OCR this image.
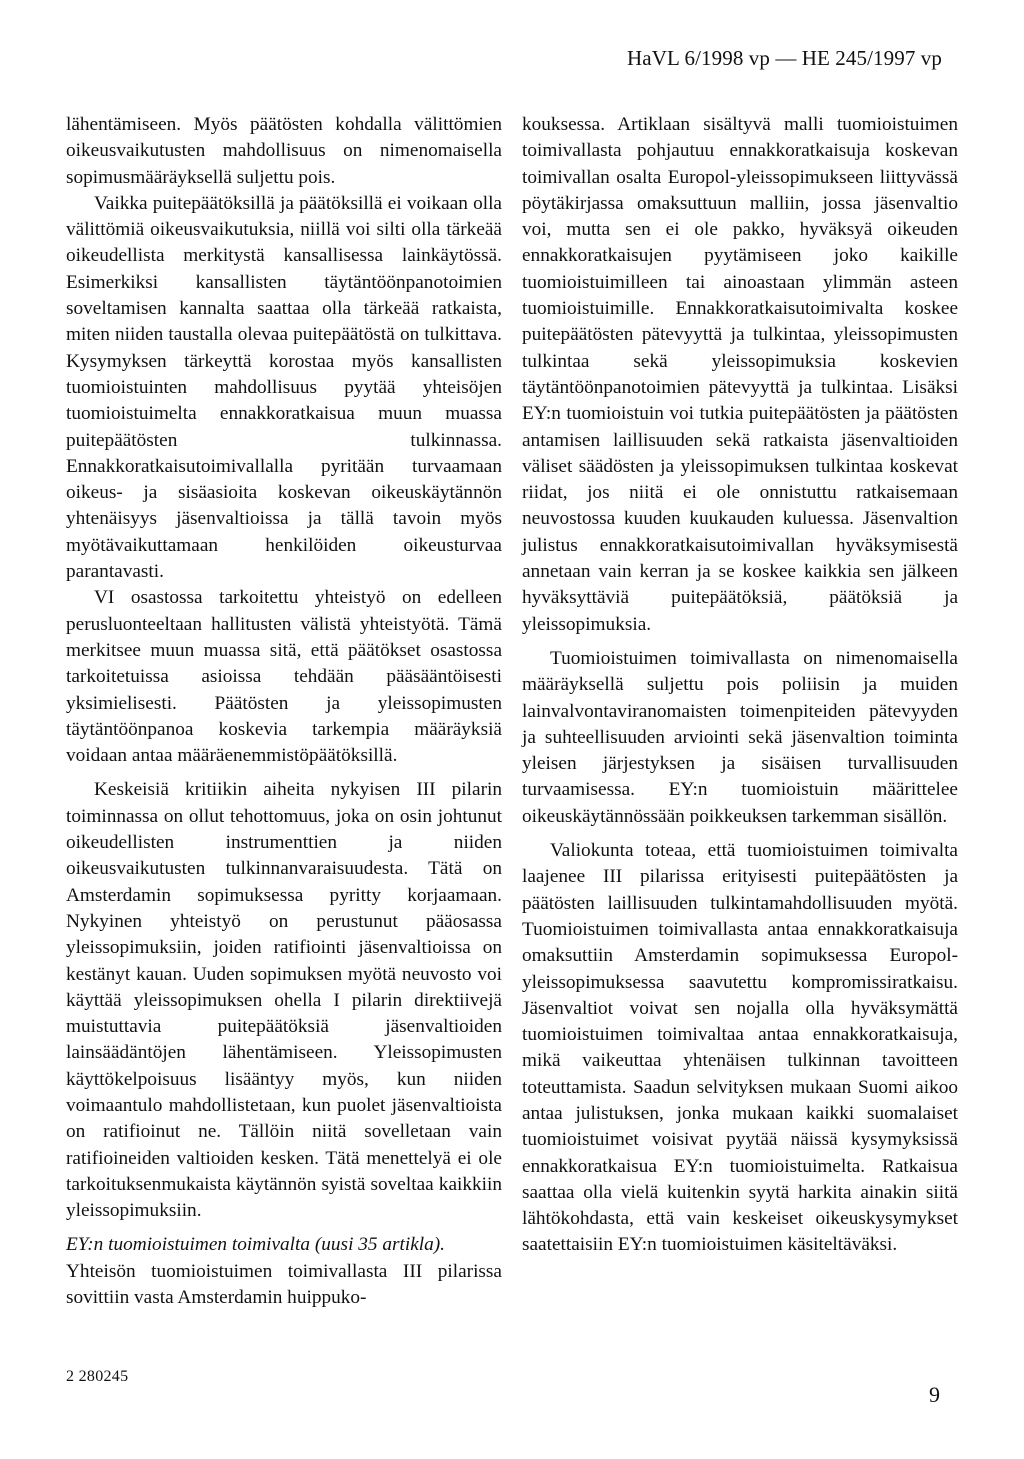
HaVL 6/1998 vp — HE 245/1997 vp

lähentämiseen. Myös päätösten kohdalla välittömien oikeusvaikutusten mahdollisuus on nimenomaisella sopimusmääräyksellä suljettu pois.

Vaikka puitepäätöksillä ja päätöksillä ei voikaan olla välittömiä oikeusvaikutuksia, niillä voi silti olla tärkeää oikeudellista merkitystä kansallisessa lainkäytössä. Esimerkiksi kansallisten täytäntöönpanotoimien soveltamisen kannalta saattaa olla tärkeää ratkaista, miten niiden taustalla olevaa puitepäätöstä on tulkittava. Kysymyksen tärkeyttä korostaa myös kansallisten tuomioistuinten mahdollisuus pyytää yhteisöjen tuomioistuimelta ennakkoratkaisua muun muassa puitepäätösten tulkinnassa. Ennakkoratkaisutoimivallalla pyritään turvaamaan oikeus- ja sisäasioita koskevan oikeuskäytännön yhtenäisyys jäsenvaltioissa ja tällä tavoin myös myötävaikuttamaan henkilöiden oikeusturvaa parantavasti.

VI osastossa tarkoitettu yhteistyö on edelleen perusluonteeltaan hallitusten välistä yhteistyötä. Tämä merkitsee muun muassa sitä, että päätökset osastossa tarkoitetuissa asioissa tehdään pääsääntöisesti yksimielisesti. Päätösten ja yleissopimusten täytäntöönpanoa koskevia tarkempia määräyksiä voidaan antaa määräenemmistöpäätöksillä.

Keskeisiä kritiikin aiheita nykyisen III pilarin toiminnassa on ollut tehottomuus, joka on osin johtunut oikeudellisten instrumenttien ja niiden oikeusvaikutusten tulkinnanvaraisuudesta. Tätä on Amsterdamin sopimuksessa pyritty korjaamaan. Nykyinen yhteistyö on perustunut pääosassa yleissopimuksiin, joiden ratifiointi jäsenvaltioissa on kestänyt kauan. Uuden sopimuksen myötä neuvosto voi käyttää yleissopimuksen ohella I pilarin direktiivejä muistuttavia puitepäätöksiä jäsenvaltioiden lainsäädäntöjen lähentämiseen. Yleissopimusten käyttökelpoisuus lisääntyy myös, kun niiden voimaantulo mahdollistetaan, kun puolet jäsenvaltioista on ratifioinut ne. Tällöin niitä sovelletaan vain ratifioineiden valtioiden kesken. Tätä menettelyä ei ole tarkoituksenmukaista käytännön syistä soveltaa kaikkiin yleissopimuksiin.

EY:n tuomioistuimen toimivalta (uusi 35 artikla).
Yhteisön tuomioistuimen toimivallasta III pilarissa sovittiin vasta Amsterdamin huippuko-

kouksessa. Artiklaan sisältyvä malli tuomioistuimen toimivallasta pohjautuu ennakkoratkaisuja koskevan toimivallan osalta Europol-yleissopimukseen liittyvässä pöytäkirjassa omaksuttuun malliin, jossa jäsenvaltio voi, mutta sen ei ole pakko, hyväksyä oikeuden ennakkoratkaisujen pyytämiseen joko kaikille tuomioistuimilleen tai ainoastaan ylimmän asteen tuomioistuimille. Ennakkoratkaisutoimivalta koskee puitepäätösten pätevyyttä ja tulkintaa, yleissopimusten tulkintaa sekä yleissopimuksia koskevien täytäntöönpanotoimien pätevyyttä ja tulkintaa. Lisäksi EY:n tuomioistuin voi tutkia puitepäätösten ja päätösten antamisen laillisuuden sekä ratkaista jäsenvaltioiden väliset säädösten ja yleissopimuksen tulkintaa koskevat riidat, jos niitä ei ole onnistuttu ratkaisemaan neuvostossa kuuden kuukauden kuluessa. Jäsenvaltion julistus ennakkoratkaisutoimivallan hyväksymisestä annetaan vain kerran ja se koskee kaikkia sen jälkeen hyväksyttäviä puitepäätöksiä, päätöksiä ja yleissopimuksia.

Tuomioistuimen toimivallasta on nimenomaisella määräyksellä suljettu pois poliisin ja muiden lainvalvontaviranomaisten toimenpiteiden pätevyyden ja suhteellisuuden arviointi sekä jäsenvaltion toiminta yleisen järjestyksen ja sisäisen turvallisuuden turvaamisessa. EY:n tuomioistuin määrittelee oikeuskäytännössään poikkeuksen tarkemman sisällön.

Valiokunta toteaa, että tuomioistuimen toimivalta laajenee III pilarissa erityisesti puitepäätösten ja päätösten laillisuuden tulkintamahdollisuuden myötä. Tuomioistuimen toimivallasta antaa ennakkoratkaisuja omaksuttiin Amsterdamin sopimuksessa Europol-yleissopimuksessa saavutettu kompromissiratkaisu. Jäsenvaltiot voivat sen nojalla olla hyväksymättä tuomioistuimen toimivaltaa antaa ennakkoratkaisuja, mikä vaikeuttaa yhtenäisen tulkinnan tavoitteen toteuttamista. Saadun selvityksen mukaan Suomi aikoo antaa julistuksen, jonka mukaan kaikki suomalaiset tuomioistuimet voisivat pyytää näissä kysymyksissä ennakkoratkaisua EY:n tuomioistuimelta. Ratkaisua saattaa olla vielä kuitenkin syytä harkita ainakin siitä lähtökohdasta, että vain keskeiset oikeuskysymykset saatettaisiin EY:n tuomioistuimen käsiteltäväksi.

2 280245
9
